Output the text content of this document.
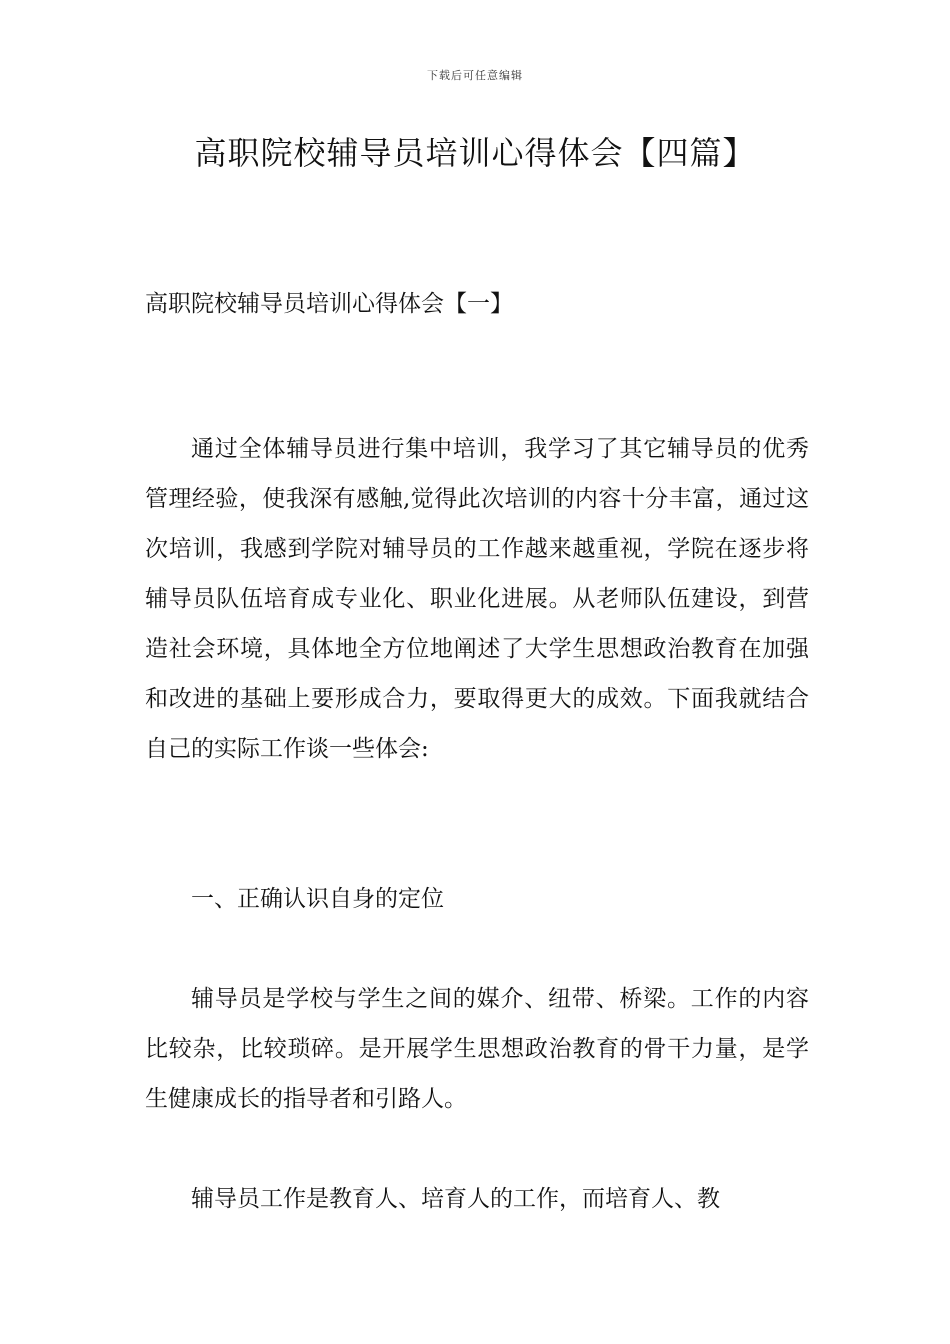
下载后可任意编辑
高职院校辅导员培训心得体会【四篇】
高职院校辅导员培训心得体会【一】

通过全体辅导员进行集中培训，我学习了其它辅导员的优秀管理经验，使我深有感触,觉得此次培训的内容十分丰富，通过这次培训，我感到学院对辅导员的工作越来越重视，学院在逐步将辅导员队伍培育成专业化、职业化进展。从老师队伍建设，到营造社会环境，具体地全方位地阐述了大学生思想政治教育在加强和改进的基础上要形成合力，要取得更大的成效。下面我就结合自己的实际工作谈一些体会:

一、正确认识自身的定位

辅导员是学校与学生之间的媒介、纽带、桥梁。工作的内容比较杂，比较琐碎。是开展学生思想政治教育的骨干力量，是学生健康成长的指导者和引路人。

辅导员工作是教育人、培育人的工作，而培育人、教
